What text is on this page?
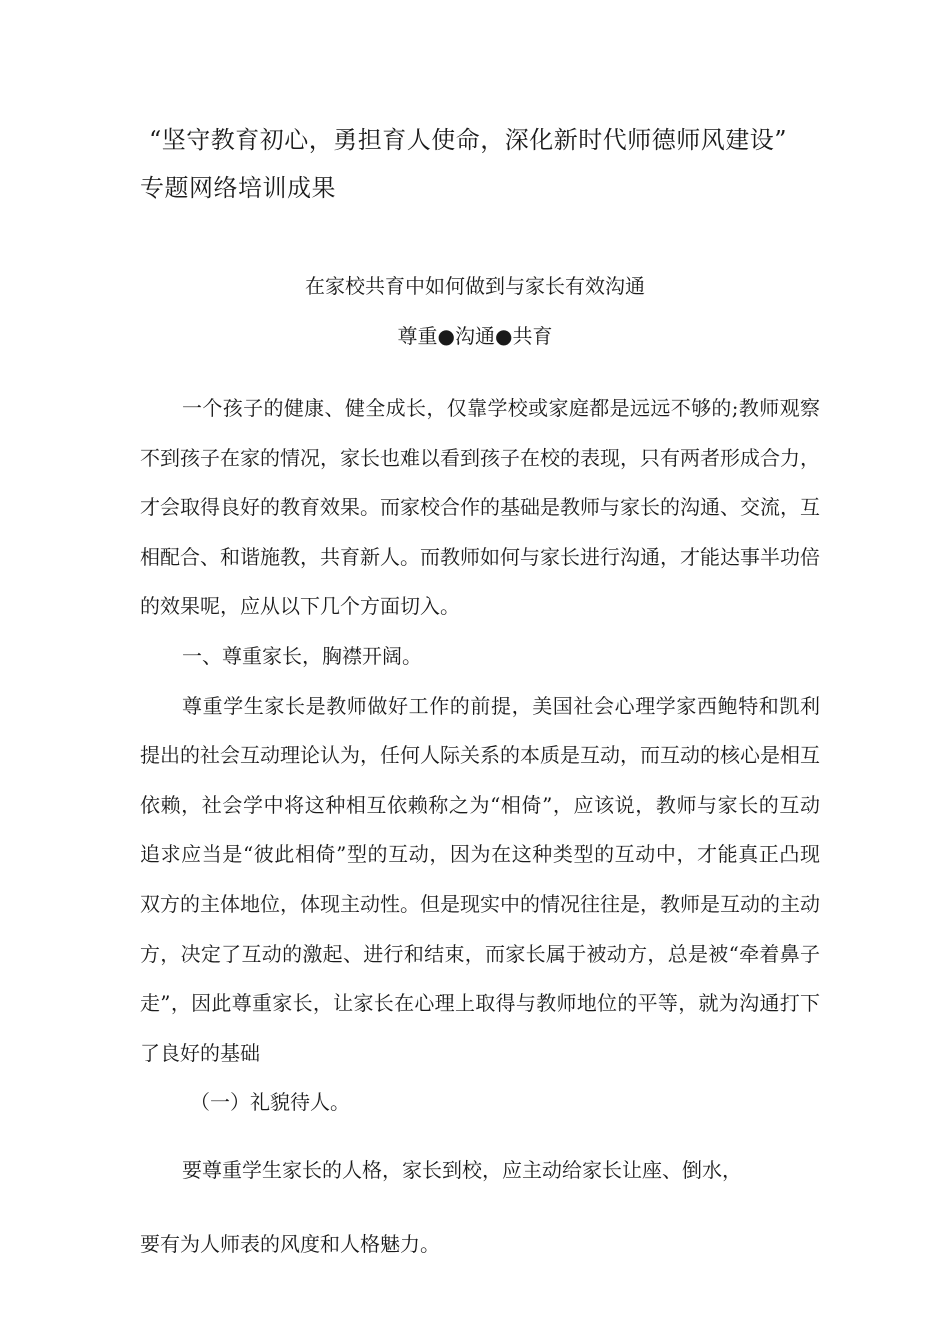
“坚守教育初心，勇担育人使命，深化新时代师德师风建设”
专题网络培训成果
在家校共育中如何做到与家长有效沟通
尊重●沟通●共育

一个孩子的健康、健全成长，仅靠学校或家庭都是远远不够的;教师观察不到孩子在家的情况，家长也难以看到孩子在校的表现，只有两者形成合力，才会取得良好的教育效果。而家校合作的基础是教师与家长的沟通、交流，互相配合、和谐施教，共育新人。而教师如何与家长进行沟通，才能达事半功倍的效果呢，应从以下几个方面切入。

一、尊重家长，胸襟开阔。

尊重学生家长是教师做好工作的前提，美国社会心理学家西鲍特和凯利提出的社会互动理论认为，任何人际关系的本质是互动，而互动的核心是相互依赖，社会学中将这种相互依赖称之为“相倚”，应该说，教师与家长的互动追求应当是“彼此相倚”型的互动，因为在这种类型的互动中，才能真正凸现双方的主体地位，体现主动性。但是现实中的情况往往是，教师是互动的主动方，决定了互动的激起、进行和结束，而家长属于被动方，总是被“牵着鼻子走”，因此尊重家长，让家长在心理上取得与教师地位的平等，就为沟通打下了良好的基础

（一）礼貌待人。

要尊重学生家长的人格，家长到校，应主动给家长让座、倒水，
要有为人师表的风度和人格魅力。
